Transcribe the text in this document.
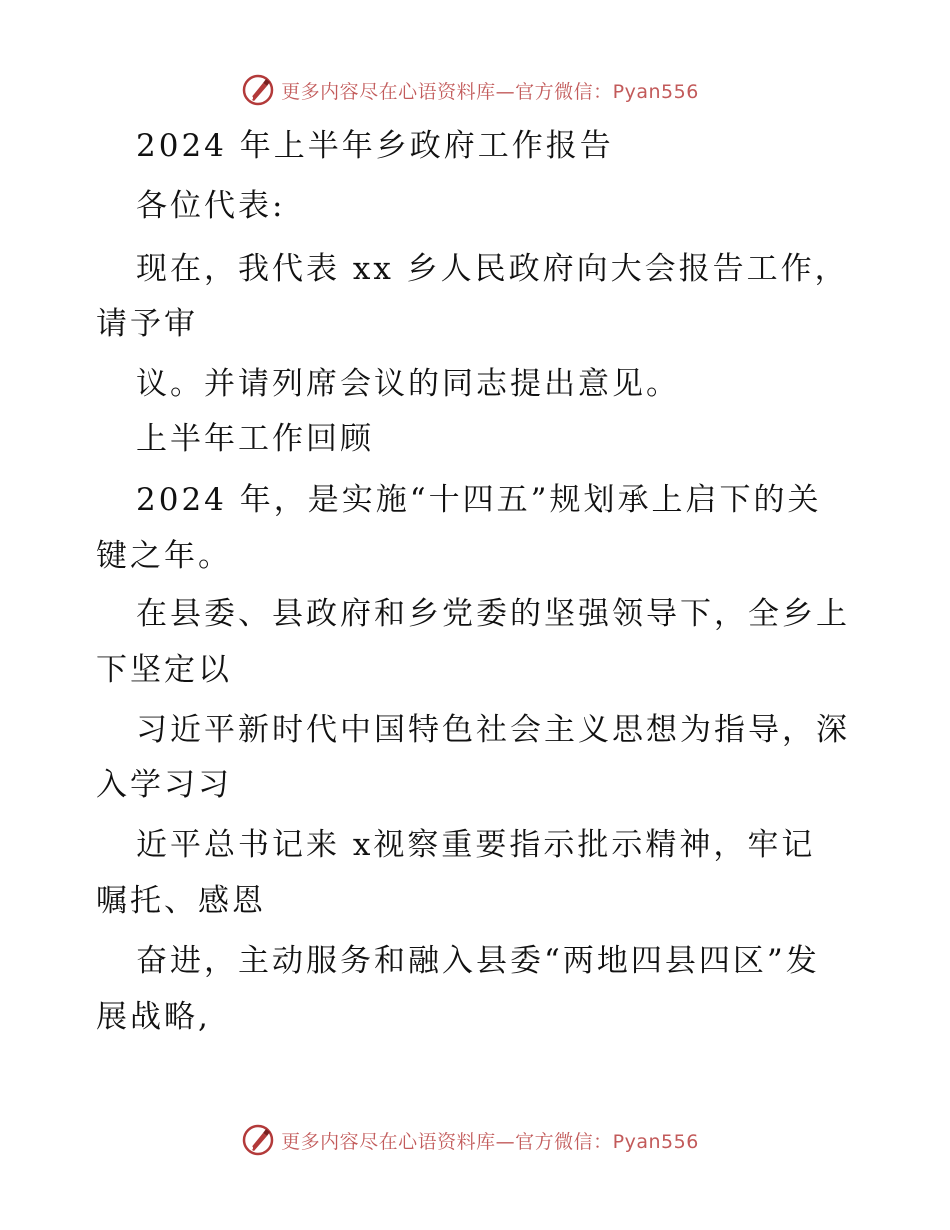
更多内容尽在心语资料库—官方微信：Pyan556
2024 年上半年乡政府工作报告
各位代表:
现在，我代表 xx 乡人民政府向大会报告工作，
请予审
议。并请列席会议的同志提出意见。
上半年工作回顾
2024 年，是实施“十四五”规划承上启下的关
键之年。
在县委、县政府和乡党委的坚强领导下，全乡上
下坚定以
习近平新时代中国特色社会主义思想为指导，深
入学习习
近平总书记来 x视察重要指示批示精神，牢记
嘱托、感恩
奋进，主动服务和融入县委“两地四县四区”发
展战略,
更多内容尽在心语资料库—官方微信：Pyan556
